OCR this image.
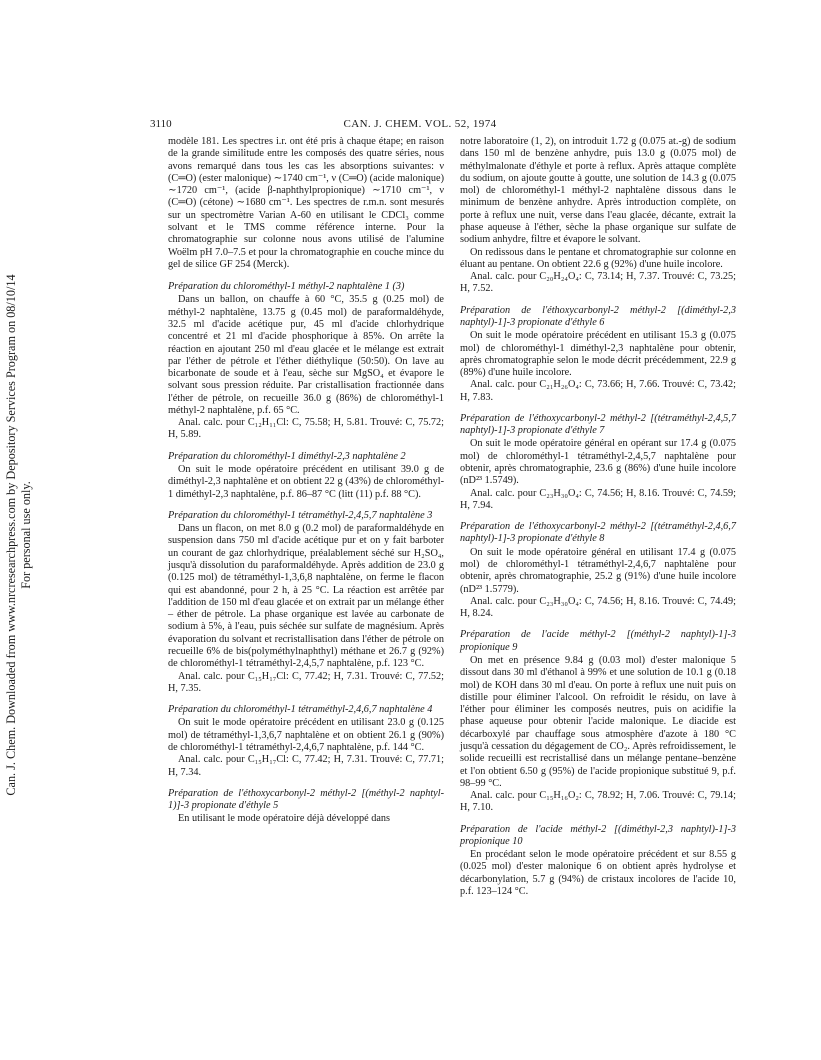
Can. J. Chem. Downloaded from www.nrcresearchpress.com by Depository Services Program on 08/10/14 For personal use only.
3110	CAN. J. CHEM. VOL. 52, 1974

modèle 181. Les spectres i.r. ont été pris à chaque étape; en raison de la grande similitude entre les composés des quatre séries, nous avons remarqué dans tous les cas les absorptions suivantes: ν (C═O) (ester malonique) ∼1740 cm⁻¹, ν (C═O) (acide malonique) ∼1720 cm⁻¹, (acide β-naphthylpropionique) ∼1710 cm⁻¹, ν (C═O) (cétone) ∼1680 cm⁻¹. Les spectres de r.m.n. sont mesurés sur un spectromètre Varian A-60 en utilisant le CDCl₃ comme solvant et le TMS comme référence interne. Pour la chromatographie sur colonne nous avons utilisé de l'alumine Woëlm pH 7.0–7.5 et pour la chromatographie en couche mince du gel de silice GF 254 (Merck).

Préparation du chlorométhyl-1 méthyl-2 naphtalène 1 (3)

Dans un ballon, on chauffe à 60 °C, 35.5 g (0.25 mol) de méthyl-2 naphtalène, 13.75 g (0.45 mol) de paraformaldéhyde, 32.5 ml d'acide acétique pur, 45 ml d'acide chlorhydrique concentré et 21 ml d'acide phosphorique à 85%. On arrête la réaction en ajoutant 250 ml d'eau glacée et le mélange est extrait par l'éther de pétrole et l'éther diéthylique (50:50). On lave au bicarbonate de soude et à l'eau, sèche sur MgSO₄ et évapore le solvant sous pression réduite. Par cristallisation fractionnée dans l'éther de pétrole, on recueille 36.0 g (86%) de chlorométhyl-1 méthyl-2 naphtalène, p.f. 65 °C.

Anal. calc. pour C₁₂H₁₁Cl: C, 75.58; H, 5.81. Trouvé: C, 75.72; H, 5.89.

Préparation du chlorométhyl-1 diméthyl-2,3 naphtalène 2

On suit le mode opératoire précédent en utilisant 39.0 g de diméthyl-2,3 naphtalène et on obtient 22 g (43%) de chlorométhyl-1 diméthyl-2,3 naphtalène, p.f. 86–87 °C (litt (11) p.f. 88 °C).

Préparation du chlorométhyl-1 tétraméthyl-2,4,5,7 naphtalène 3

Dans un flacon, on met 8.0 g (0.2 mol) de paraformaldéhyde en suspension dans 750 ml d'acide acétique pur et on y fait barboter un courant de gaz chlorhydrique, préalablement séché sur H₂SO₄, jusqu'à dissolution du paraformaldéhyde. Après addition de 23.0 g (0.125 mol) de tétraméthyl-1,3,6,8 naphtalène, on ferme le flacon qui est abandonné, pour 2 h, à 25 °C. La réaction est arrêtée par l'addition de 150 ml d'eau glacée et on extrait par un mélange éther – éther de pétrole. La phase organique est lavée au carbonate de sodium à 5%, à l'eau, puis séchée sur sulfate de magnésium. Après évaporation du solvant et recristallisation dans l'éther de pétrole on recueille 6% de bis(polyméthylnaphthyl) méthane et 26.7 g (92%) de chlorométhyl-1 tétraméthyl-2,4,5,7 naphtalène, p.f. 123 °C.

Anal. calc. pour C₁₅H₁₇Cl: C, 77.42; H, 7.31. Trouvé: C, 77.52; H, 7.35.

Préparation du chlorométhyl-1 tétraméthyl-2,4,6,7 naphtalène 4

On suit le mode opératoire précédent en utilisant 23.0 g (0.125 mol) de tétraméthyl-1,3,6,7 naphtalène et on obtient 26.1 g (90%) de chlorométhyl-1 tétraméthyl-2,4,6,7 naphtalène, p.f. 144 °C.

Anal. calc. pour C₁₅H₁₇Cl: C, 77.42; H, 7.31. Trouvé: C, 77.71; H, 7.34.

Préparation de l'éthoxycarbonyl-2 méthyl-2 [(méthyl-2 naphtyl-1)]-3 propionate d'éthyle 5

En utilisant le mode opératoire déjà développé dans

notre laboratoire (1, 2), on introduit 1.72 g (0.075 at.-g) de sodium dans 150 ml de benzène anhydre, puis 13.0 g (0.075 mol) de méthylmalonate d'éthyle et porte à reflux. Après attaque complète du sodium, on ajoute goutte à goutte, une solution de 14.3 g (0.075 mol) de chlorométhyl-1 méthyl-2 naphtalène dissous dans le minimum de benzène anhydre. Après introduction complète, on porte à reflux une nuit, verse dans l'eau glacée, décante, extrait la phase aqueuse à l'éther, sèche la phase organique sur sulfate de sodium anhydre, filtre et évapore le solvant.

On redissous dans le pentane et chromatographie sur colonne en éluant au pentane. On obtient 22.6 g (92%) d'une huile incolore.

Anal. calc. pour C₂₀H₂₄O₄: C, 73.14; H, 7.37. Trouvé: C, 73.25; H, 7.52.

Préparation de l'éthoxycarbonyl-2 méthyl-2 [(diméthyl-2,3 naphtyl)-1]-3 propionate d'éthyle 6

On suit le mode opératoire précédent en utilisant 15.3 g (0.075 mol) de chlorométhyl-1 diméthyl-2,3 naphtalène pour obtenir, après chromatographie selon le mode décrit précédemment, 22.9 g (89%) d'une huile incolore.

Anal. calc. pour C₂₁H₂₆O₄: C, 73.66; H, 7.66. Trouvé: C, 73.42; H, 7.83.

Préparation de l'éthoxycarbonyl-2 méthyl-2 [(tétraméthyl-2,4,5,7 naphtyl)-1]-3 propionate d'éthyle 7

On suit le mode opératoire général en opérant sur 17.4 g (0.075 mol) de chlorométhyl-1 tétraméthyl-2,4,5,7 naphtalène pour obtenir, après chromatographie, 23.6 g (86%) d'une huile incolore (nD²³ 1.5749).

Anal. calc. pour C₂₃H₃₀O₄: C, 74.56; H, 8.16. Trouvé: C, 74.59; H, 7.94.

Préparation de l'éthoxycarbonyl-2 méthyl-2 [(tétraméthyl-2,4,6,7 naphtyl)-1]-3 propionate d'éthyle 8

On suit le mode opératoire général en utilisant 17.4 g (0.075 mol) de chlorométhyl-1 tétraméthyl-2,4,6,7 naphtalène pour obtenir, après chromatographie, 25.2 g (91%) d'une huile incolore (nD²³ 1.5779).

Anal. calc. pour C₂₃H₃₀O₄: C, 74.56; H, 8.16. Trouvé: C, 74.49; H, 8.24.

Préparation de l'acide méthyl-2 [(méthyl-2 naphtyl)-1]-3 propionique 9

On met en présence 9.84 g (0.03 mol) d'ester malonique 5 dissout dans 30 ml d'éthanol à 99% et une solution de 10.1 g (0.18 mol) de KOH dans 30 ml d'eau. On porte à reflux une nuit puis on distille pour éliminer l'alcool. On refroidit le résidu, on lave à l'éther pour éliminer les composés neutres, puis on acidifie la phase aqueuse pour obtenir l'acide malonique. Le diacide est décarboxylé par chauffage sous atmosphère d'azote à 180 °C jusqu'à cessation du dégagement de CO₂. Après refroidissement, le solide recueilli est recristallisé dans un mélange pentane–benzène et l'on obtient 6.50 g (95%) de l'acide propionique substitué 9, p.f. 98–99 °C.

Anal. calc. pour C₁₅H₁₆O₂: C, 78.92; H, 7.06. Trouvé: C, 79.14; H, 7.10.

Préparation de l'acide méthyl-2 [(diméthyl-2,3 naphtyl)-1]-3 propionique 10

En procédant selon le mode opératoire précédent et sur 8.55 g (0.025 mol) d'ester malonique 6 on obtient après hydrolyse et décarbonylation, 5.7 g (94%) de cristaux incolores de l'acide 10, p.f. 123–124 °C.
